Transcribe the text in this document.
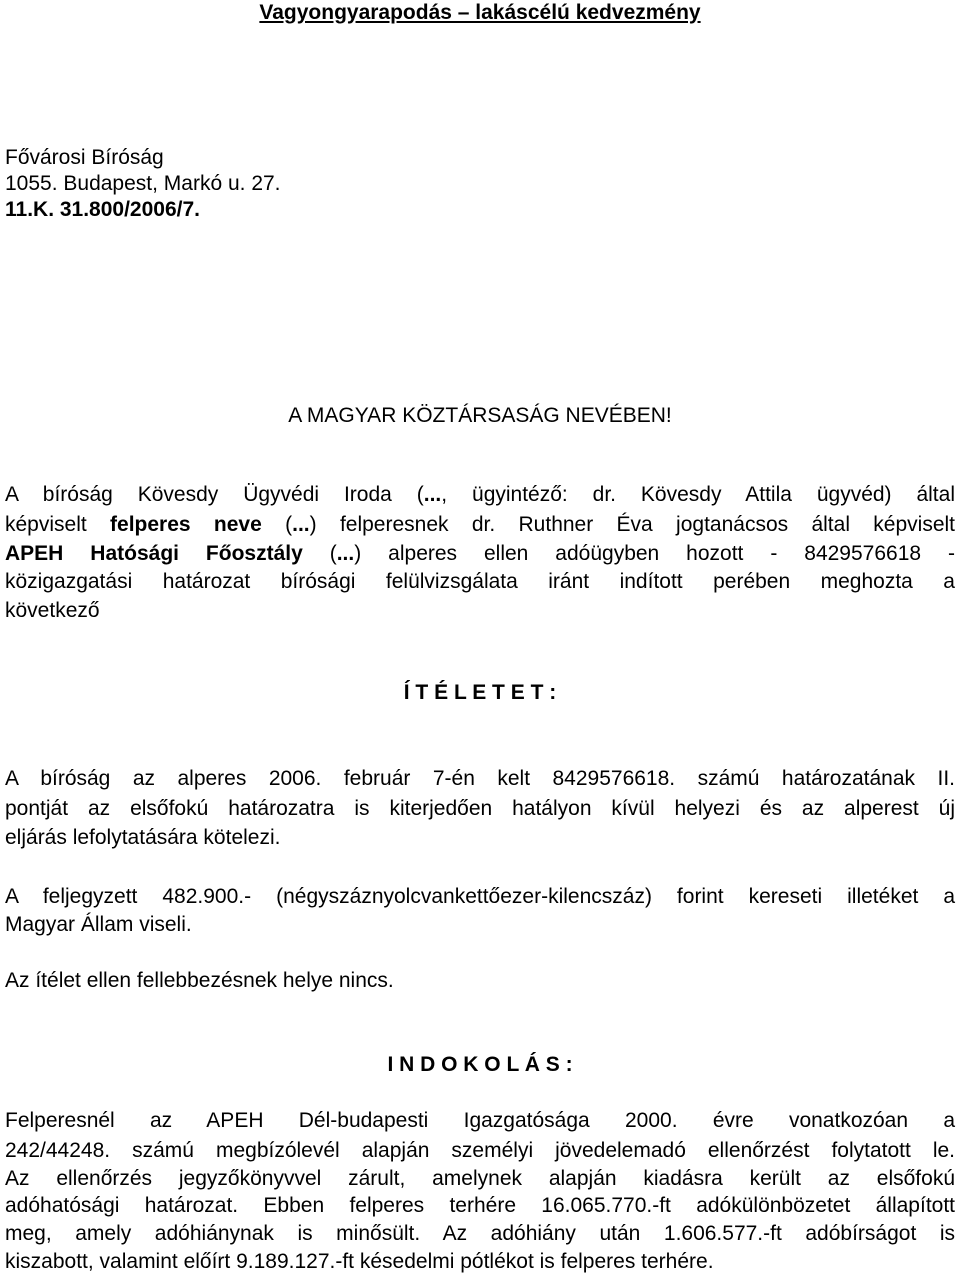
Vagyongyarapodás – lakáscélú kedvezmény
Fővárosi Bíróság
1055. Budapest, Markó u. 27.
11.K. 31.800/2006/7.
A MAGYAR KÖZTÁRSASÁG NEVÉBEN!
A bíróság Kövesdy Ügyvédi Iroda (..., ügyintéző: dr. Kövesdy Attila ügyvéd) által
képviselt felperes neve (...) felperesnek dr. Ruthner Éva jogtanácsos által képviselt
APEH Hatósági Főosztály (...) alperes ellen adóügyben hozott - 8429576618 -
közigazgatási határozat bírósági felülvizsgálata iránt indított perében meghozta a
következő
Í T É L E T E T :
A bíróság az alperes 2006. február 7-én kelt 8429576618. számú határozatának II.
pontját az elsőfokú határozatra is kiterjedően hatályon kívül helyezi és az alperest új
eljárás lefolytatására kötelezi.
A feljegyzett 482.900.- (négyszáznyolcvankettőezer-kilencszáz) forint kereseti illetéket a
Magyar Állam viseli.
Az ítélet ellen fellebbezésnek helye nincs.
I N D O K O L Á S :
Felperesnél az APEH Dél-budapesti Igazgatósága 2000. évre vonatkozóan a
242/44248. számú megbízólevél alapján személyi jövedelemadó ellenőrzést folytatott le.
Az ellenőrzés jegyzőkönyvvel zárult, amelynek alapján kiadásra került az elsőfokú
adóhatósági határozat. Ebben felperes terhére 16.065.770.-ft adókülönbözetet állapított
meg, amely adóhiánynak is minősült. Az adóhiány után 1.606.577.-ft adóbírságot is
kiszabott, valamint előírt 9.189.127.-ft késedelmi pótlékot is felperes terhére.
